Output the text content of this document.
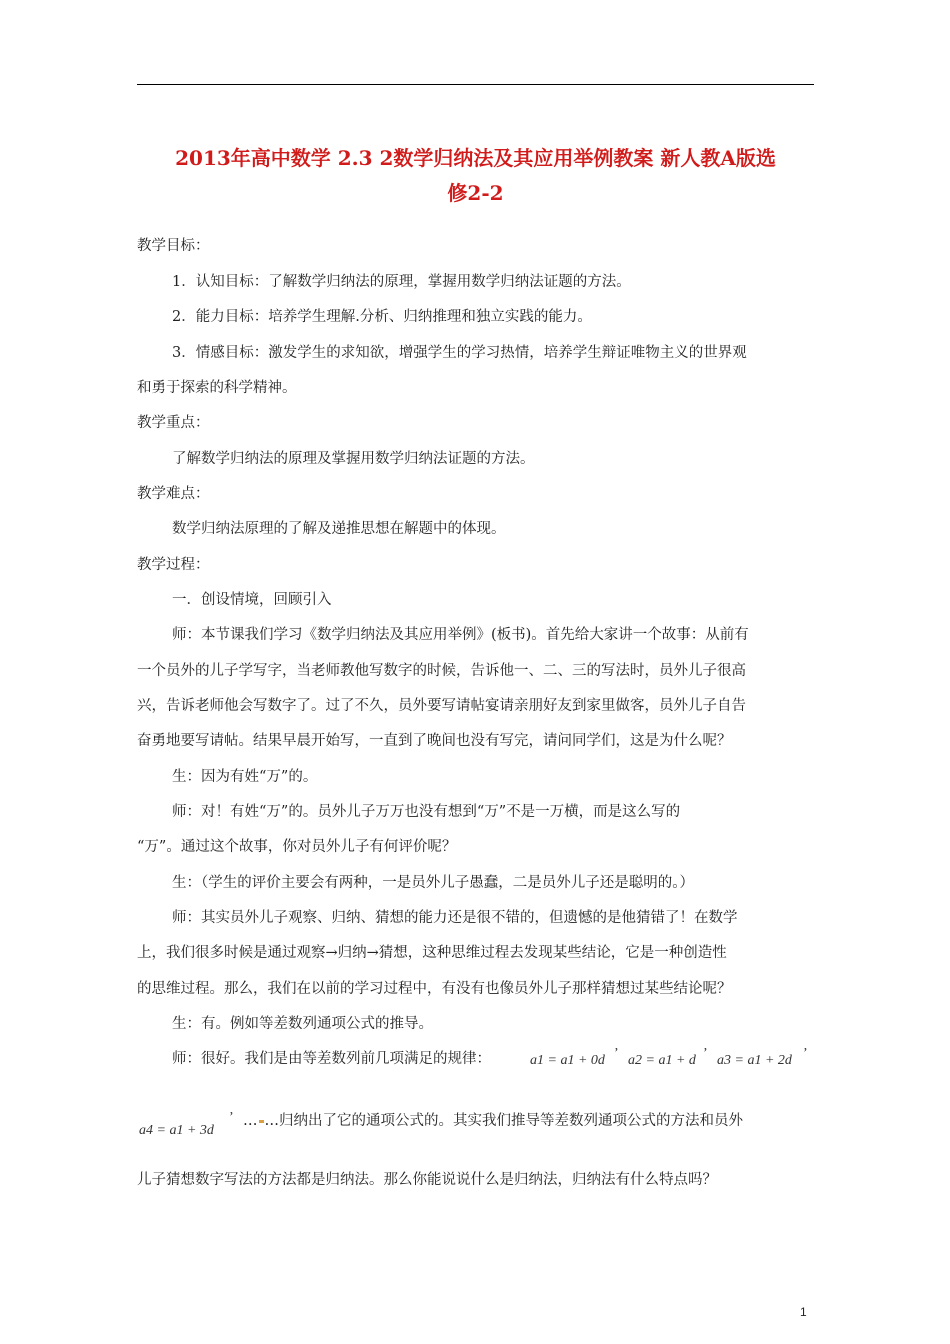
2013年高中数学 2.3 2数学归纳法及其应用举例教案 新人教A版选
修2-2
教学目标：
1．认知目标：了解数学归纳法的原理，掌握用数学归纳法证题的方法。
2．能力目标：培养学生理解.分析、归纳推理和独立实践的能力。
3．情感目标：激发学生的求知欲，增强学生的学习热情，培养学生辩证唯物主义的世界观
和勇于探索的科学精神。
教学重点：
了解数学归纳法的原理及掌握用数学归纳法证题的方法。
教学难点：
数学归纳法原理的了解及递推思想在解题中的体现。
教学过程：
一．创设情境，回顾引入
师：本节课我们学习《数学归纳法及其应用举例》(板书)。首先给大家讲一个故事：从前有
一个员外的儿子学写字，当老师教他写数字的时候，告诉他一、二、三的写法时，员外儿子很高
兴，告诉老师他会写数字了。过了不久，员外要写请帖宴请亲朋好友到家里做客，员外儿子自告
奋勇地要写请帖。结果早晨开始写，一直到了晚间也没有写完，请问同学们，这是为什么呢？
生：因为有姓“万”的。
师：对！有姓“万”的。员外儿子万万也没有想到“万”不是一万横，而是这么写的
“万”。通过这个故事，你对员外儿子有何评价呢？
生：（学生的评价主要会有两种，一是员外儿子愚蠢，二是员外儿子还是聪明的。）
师：其实员外儿子观察、归纳、猜想的能力还是很不错的，但遗憾的是他猜错了！在数学
上，我们很多时候是通过观察→归纳→猜想，这种思维过程去发现某些结论，它是一种创造性
的思维过程。那么，我们在以前的学习过程中，有没有也像员外儿子那样猜想过某些结论呢？
生：有。例如等差数列通项公式的推导。
师：很好。我们是由等差数列前几项满足的规律：	a1 = a1 + 0d ’ a2 = a1 + d ’ a3 = a1 + 2d ’
a4 = a1 + 3d
’ … …归纳出了它的通项公式的。其实我们推导等差数列通项公式的方法和员外
儿子猜想数字写法的方法都是归纳法。那么你能说说什么是归纳法，归纳法有什么特点吗？
1
